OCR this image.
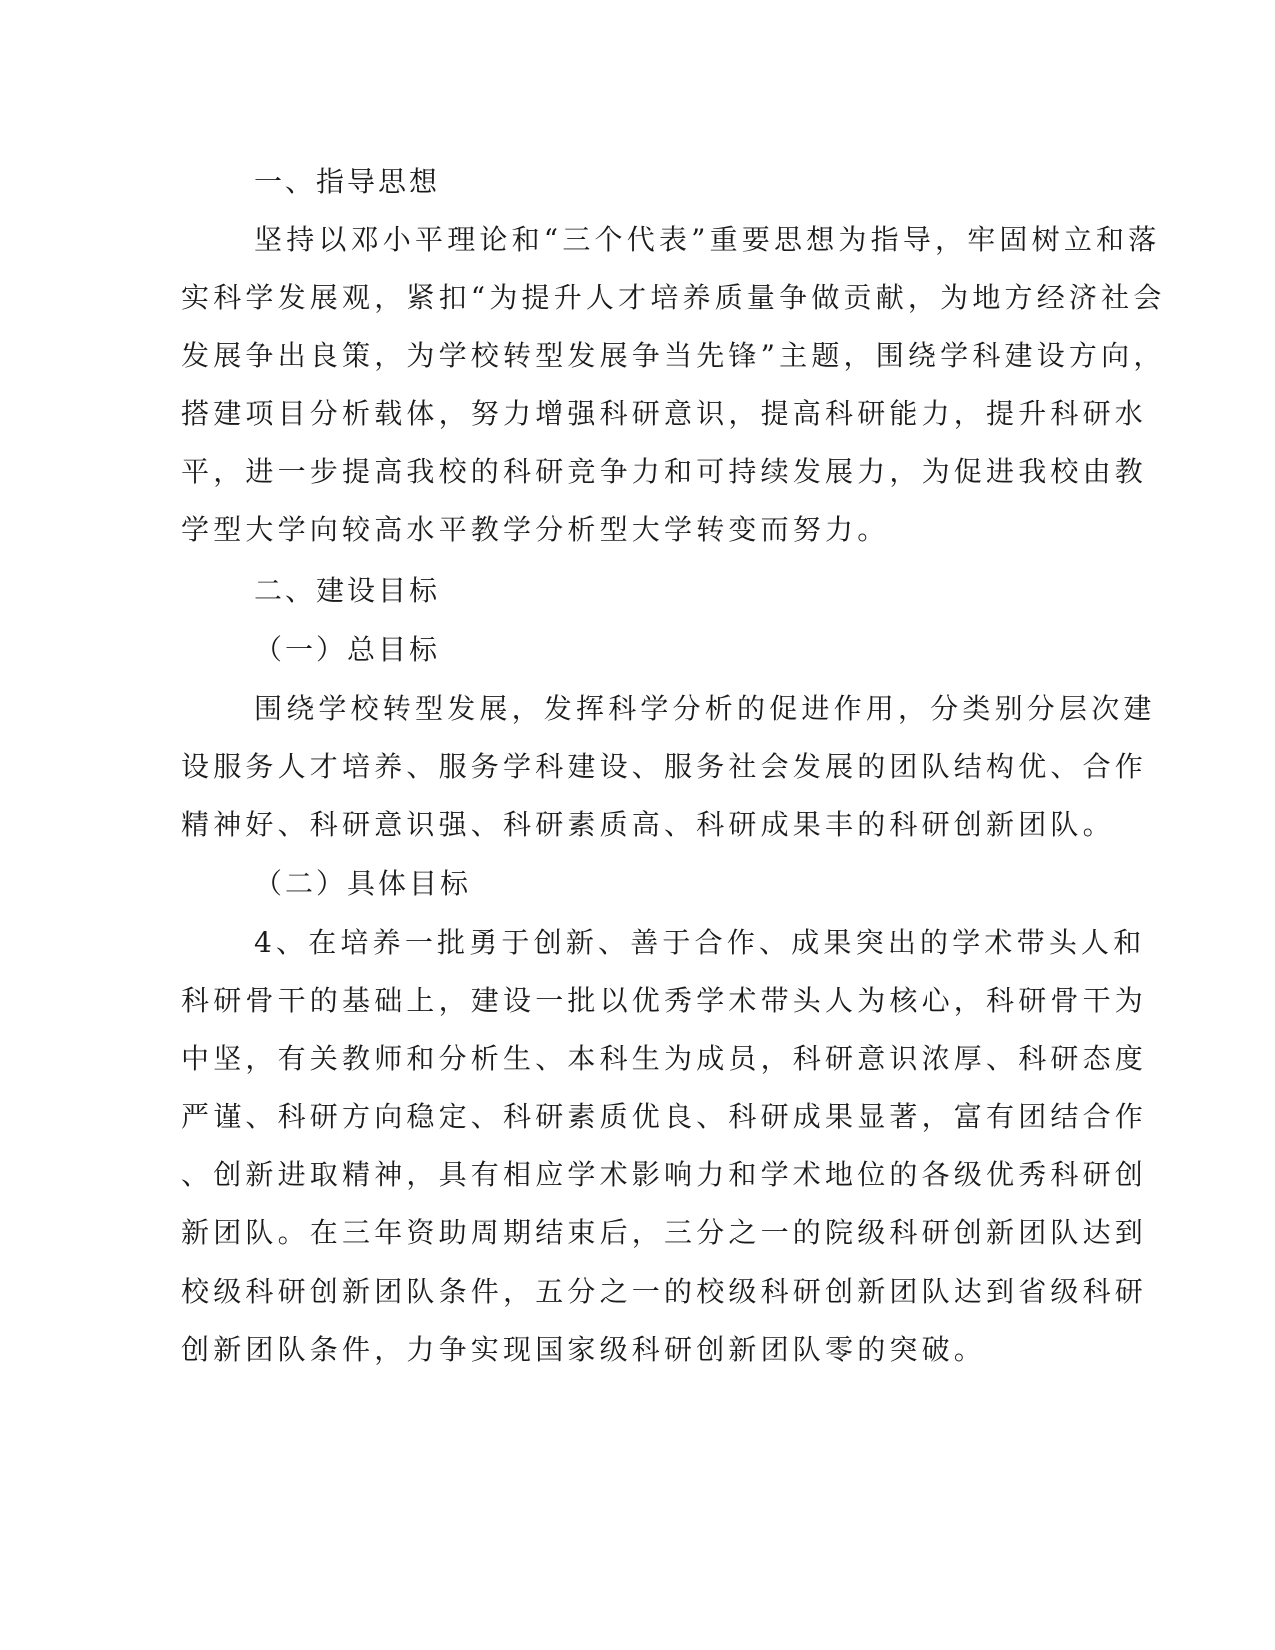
一、指导思想
坚持以邓小平理论和“三个代表”重要思想为指导，牢固树立和落
实科学发展观，紧扣“为提升人才培养质量争做贡献，为地方经济社会
发展争出良策，为学校转型发展争当先锋”主题，围绕学科建设方向，
搭建项目分析载体，努力增强科研意识，提高科研能力，提升科研水
平，进一步提高我校的科研竞争力和可持续发展力，为促进我校由教
学型大学向较高水平教学分析型大学转变而努力。
二、建设目标
（一）总目标
围绕学校转型发展，发挥科学分析的促进作用，分类别分层次建
设服务人才培养、服务学科建设、服务社会发展的团队结构优、合作
精神好、科研意识强、科研素质高、科研成果丰的科研创新团队。
（二）具体目标
4、在培养一批勇于创新、善于合作、成果突出的学术带头人和
科研骨干的基础上，建设一批以优秀学术带头人为核心，科研骨干为
中坚，有关教师和分析生、本科生为成员，科研意识浓厚、科研态度
严谨、科研方向稳定、科研素质优良、科研成果显著，富有团结合作
、创新进取精神，具有相应学术影响力和学术地位的各级优秀科研创
新团队。在三年资助周期结束后，三分之一的院级科研创新团队达到
校级科研创新团队条件，五分之一的校级科研创新团队达到省级科研
创新团队条件，力争实现国家级科研创新团队零的突破。
